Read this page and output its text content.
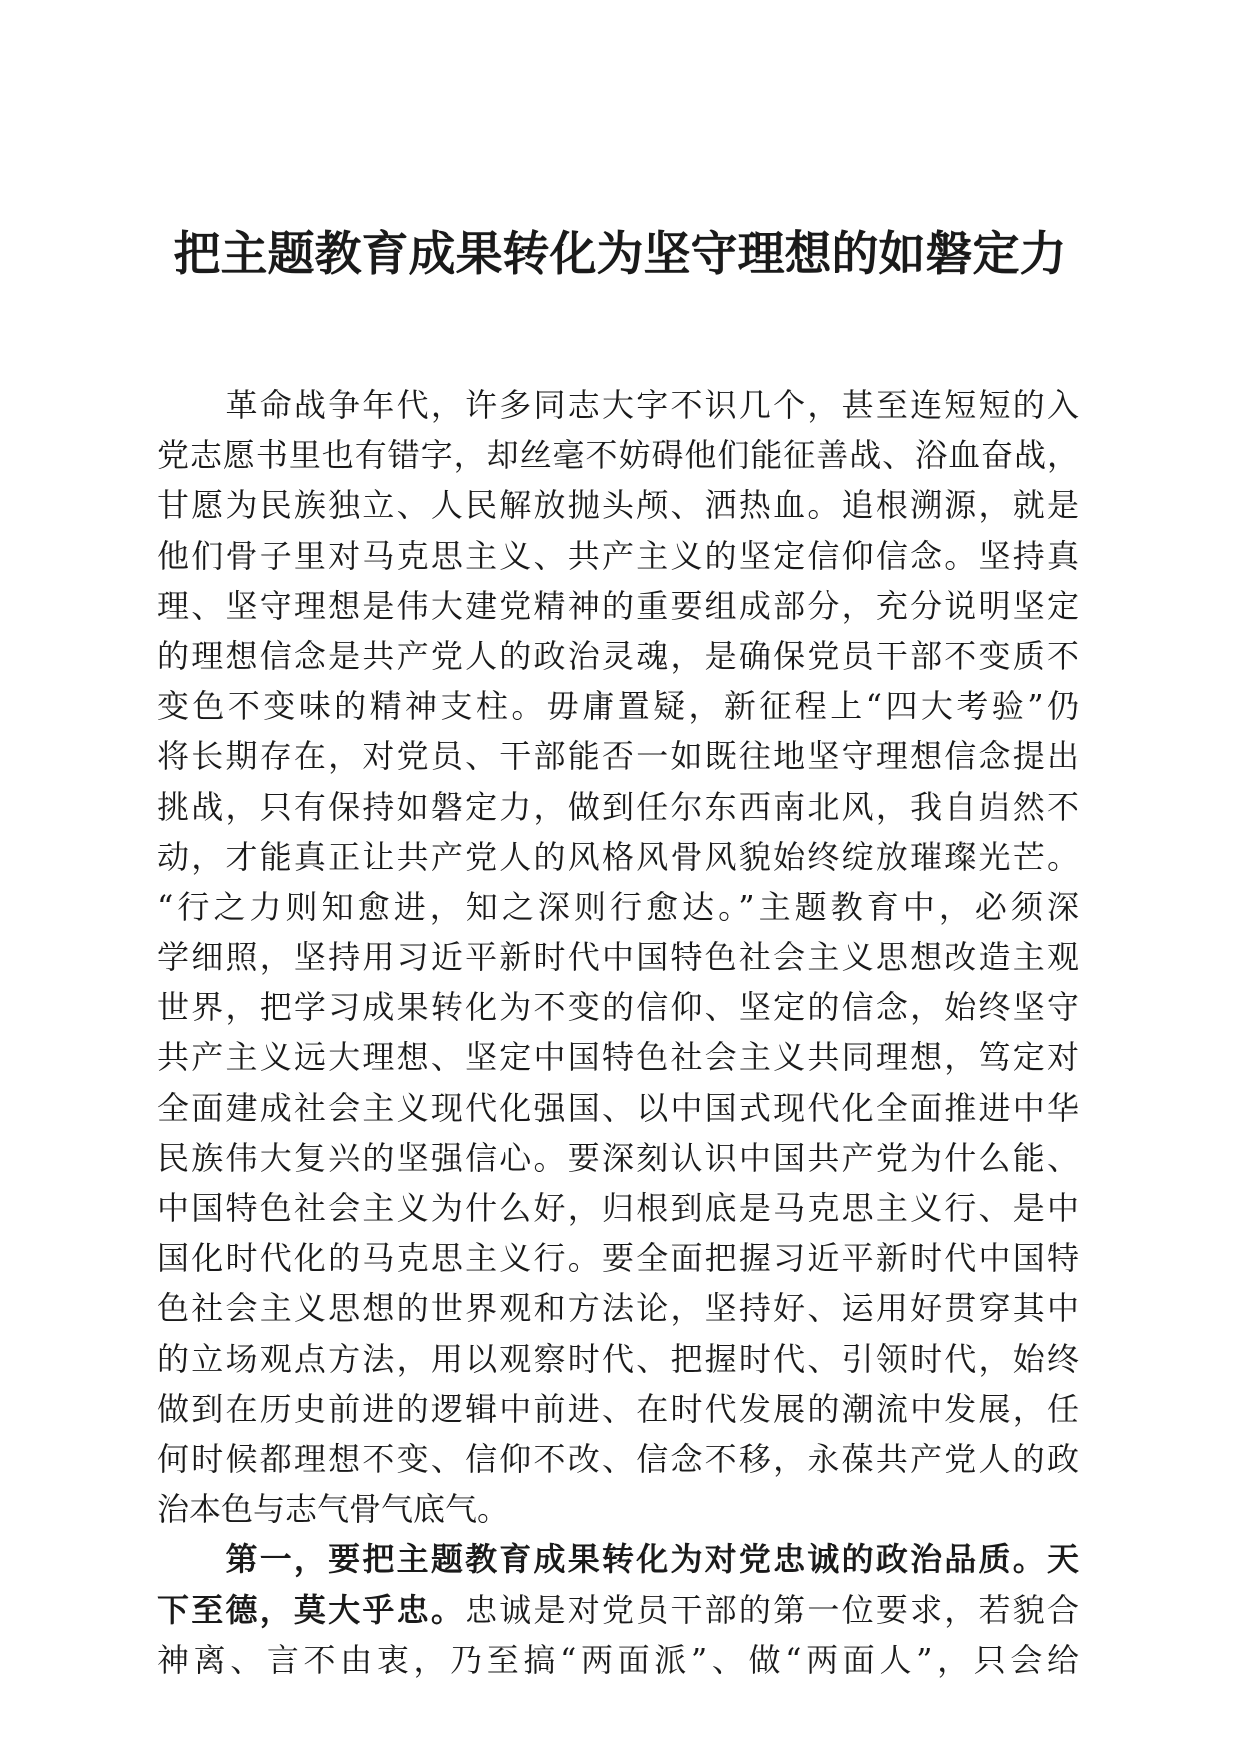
把主题教育成果转化为坚守理想的如磐定力
　　革命战争年代，许多同志大字不识几个，甚至连短短的入
党志愿书里也有错字，却丝毫不妨碍他们能征善战、浴血奋战，
甘愿为民族独立、人民解放抛头颅、洒热血。追根溯源，就是
他们骨子里对马克思主义、共产主义的坚定信仰信念。坚持真
理、坚守理想是伟大建党精神的重要组成部分，充分说明坚定
的理想信念是共产党人的政治灵魂，是确保党员干部不变质不
变色不变味的精神支柱。毋庸置疑，新征程上“四大考验”仍
将长期存在，对党员、干部能否一如既往地坚守理想信念提出
挑战，只有保持如磐定力，做到任尔东西南北风，我自岿然不
动，才能真正让共产党人的风格风骨风貌始终绽放璀璨光芒。
“行之力则知愈进，知之深则行愈达。”主题教育中，必须深
学细照，坚持用习近平新时代中国特色社会主义思想改造主观
世界，把学习成果转化为不变的信仰、坚定的信念，始终坚守
共产主义远大理想、坚定中国特色社会主义共同理想，笃定对
全面建成社会主义现代化强国、以中国式现代化全面推进中华
民族伟大复兴的坚强信心。要深刻认识中国共产党为什么能、
中国特色社会主义为什么好，归根到底是马克思主义行、是中
国化时代化的马克思主义行。要全面把握习近平新时代中国特
色社会主义思想的世界观和方法论，坚持好、运用好贯穿其中
的立场观点方法，用以观察时代、把握时代、引领时代，始终
做到在历史前进的逻辑中前进、在时代发展的潮流中发展，任
何时候都理想不变、信仰不改、信念不移，永葆共产党人的政
治本色与志气骨气底气。
　　第一，要把主题教育成果转化为对党忠诚的政治品质。天
下至德，莫大乎忠。忠诚是对党员干部的第一位要求，若貌合
神离、言不由衷，乃至搞“两面派”、做“两面人”，只会给
